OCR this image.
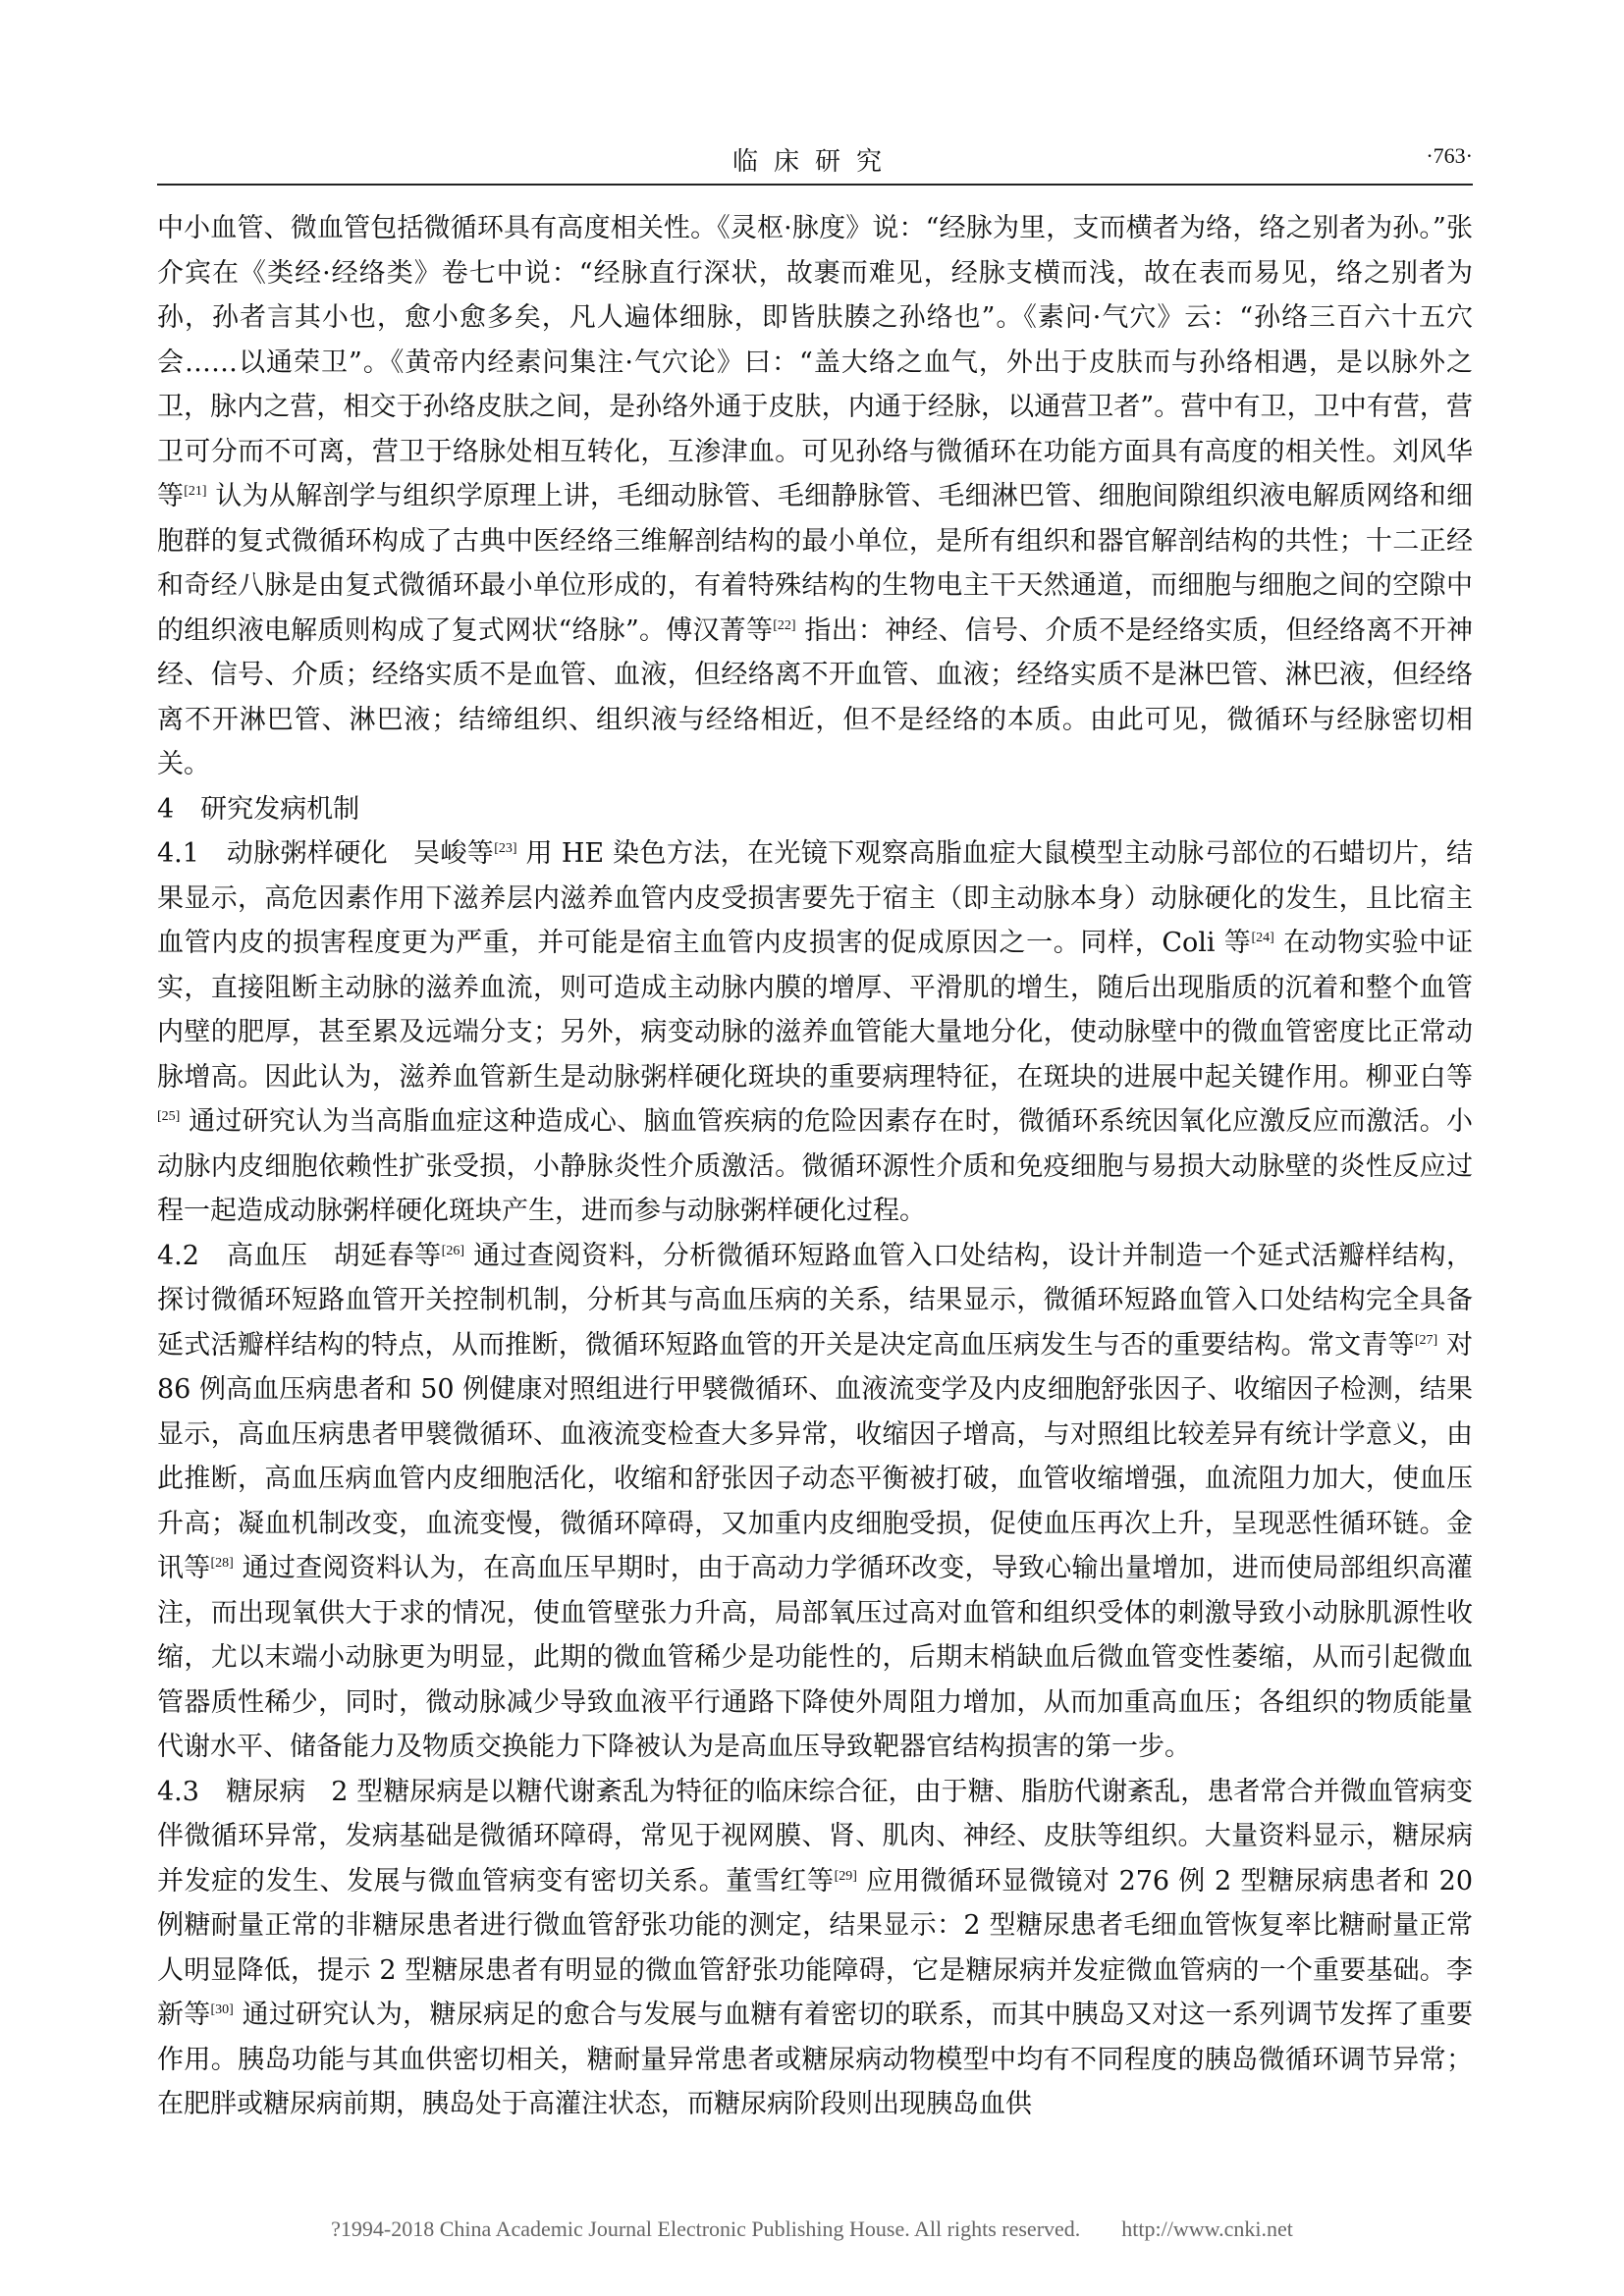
临床研究	·763·

中小血管、微血管包括微循环具有高度相关性。《灵枢·脉度》说：“经脉为里，支而横者为络，络之别者为孙。”张介宾在《类经·经络类》卷七中说：“经脉直行深状，故裹而难见，经脉支横而浅，故在表而易见，络之别者为孙，孙者言其小也，愈小愈多矣，凡人遍体细脉，即皆肤腠之孙络也”。《素问·气穴》云：“孙络三百六十五穴会……以通荣卫”。《黄帝内经素问集注·气穴论》曰：“盖大络之血气，外出于皮肤而与孙络相遇，是以脉外之卫，脉内之营，相交于孙络皮肤之间，是孙络外通于皮肤，内通于经脉，以通营卫者”。营中有卫，卫中有营，营卫可分而不可离，营卫于络脉处相互转化，互渗津血。可见孙络与微循环在功能方面具有高度的相关性。刘风华等[21] 认为从解剖学与组织学原理上讲，毛细动脉管、毛细静脉管、毛细淋巴管、细胞间隙组织液电解质网络和细胞群的复式微循环构成了古典中医经络三维解剖结构的最小单位，是所有组织和器官解剖结构的共性；十二正经和奇经八脉是由复式微循环最小单位形成的，有着特殊结构的生物电主干天然通道，而细胞与细胞之间的空隙中的组织液电解质则构成了复式网状“络脉”。傅汉菁等[22] 指出：神经、信号、介质不是经络实质，但经络离不开神经、信号、介质；经络实质不是血管、血液，但经络离不开血管、血液；经络实质不是淋巴管、淋巴液，但经络离不开淋巴管、淋巴液；结缔组织、组织液与经络相近，但不是经络的本质。由此可见，微循环与经脉密切相关。

4　研究发病机制

4.1　动脉粥样硬化 吴峻等[23] 用 HE 染色方法，在光镜下观察高脂血症大鼠模型主动脉弓部位的石蜡切片，结果显示，高危因素作用下滋养层内滋养血管内皮受损害要先于宿主（即主动脉本身）动脉硬化的发生，且比宿主血管内皮的损害程度更为严重，并可能是宿主血管内皮损害的促成原因之一。同样，Coli 等[24] 在动物实验中证实，直接阻断主动脉的滋养血流，则可造成主动脉内膜的增厚、平滑肌的增生，随后出现脂质的沉着和整个血管内壁的肥厚，甚至累及远端分支；另外，病变动脉的滋养血管能大量地分化，使动脉壁中的微血管密度比正常动脉增高。因此认为，滋养血管新生是动脉粥样硬化斑块的重要病理特征，在斑块的进展中起关键作用。柳亚白等[25] 通过研究认为当高脂血症这种造成心、脑血管疾病的危险因素存在时，微循环系统因氧化应激反应而激活。小动脉内皮细胞依赖性扩张受损，小静脉炎性介质激活。微循环源性介质和免疫细胞与易损大动脉壁的炎性反应过程一起造成动脉粥样硬化斑块产生，进而参与动脉粥样硬化过程。

4.2　高血压 胡延春等[26] 通过查阅资料，分析微循环短路血管入口处结构，设计并制造一个延式活瓣样结构，探讨微循环短路血管开关控制机制，分析其与高血压病的关系，结果显示，微循环短路血管入口处结构完全具备延式活瓣样结构的特点，从而推断，微循环短路血管的开关是决定高血压病发生与否的重要结构。常文青等[27] 对 86 例高血压病患者和 50 例健康对照组进行甲襞微循环、血液流变学及内皮细胞舒张因子、收缩因子检测，结果显示，高血压病患者甲襞微循环、血液流变检查大多异常，收缩因子增高，与对照组比较差异有统计学意义，由此推断，高血压病血管内皮细胞活化，收缩和舒张因子动态平衡被打破，血管收缩增强，血流阻力加大，使血压升高；凝血机制改变，血流变慢，微循环障碍，又加重内皮细胞受损，促使血压再次上升，呈现恶性循环链。金讯等[28] 通过查阅资料认为，在高血压早期时，由于高动力学循环改变，导致心输出量增加，进而使局部组织高灌注，而出现氧供大于求的情况，使血管壁张力升高，局部氧压过高对血管和组织受体的刺激导致小动脉肌源性收缩，尤以末端小动脉更为明显，此期的微血管稀少是功能性的，后期末梢缺血后微血管变性萎缩，从而引起微血管器质性稀少，同时，微动脉减少导致血液平行通路下降使外周阻力增加，从而加重高血压；各组织的物质能量代谢水平、储备能力及物质交换能力下降被认为是高血压导致靶器官结构损害的第一步。

4.3　糖尿病 2 型糖尿病是以糖代谢紊乱为特征的临床综合征，由于糖、脂肪代谢紊乱，患者常合并微血管病变伴微循环异常，发病基础是微循环障碍，常见于视网膜、肾、肌肉、神经、皮肤等组织。大量资料显示，糖尿病并发症的发生、发展与微血管病变有密切关系。董雪红等[29] 应用微循环显微镜对 276 例 2 型糖尿病患者和 20 例糖耐量正常的非糖尿患者进行微血管舒张功能的测定，结果显示：2 型糖尿患者毛细血管恢复率比糖耐量正常人明显降低，提示 2 型糖尿患者有明显的微血管舒张功能障碍，它是糖尿病并发症微血管病的一个重要基础。李新等[30] 通过研究认为，糖尿病足的愈合与发展与血糖有着密切的联系，而其中胰岛又对这一系列调节发挥了重要作用。胰岛功能与其血供密切相关，糖耐量异常患者或糖尿病动物模型中均有不同程度的胰岛微循环调节异常；在肥胖或糖尿病前期，胰岛处于高灌注状态，而糖尿病阶段则出现胰岛血供

?1994-2018 China Academic Journal Electronic Publishing House. All rights reserved. http://www.cnki.net
